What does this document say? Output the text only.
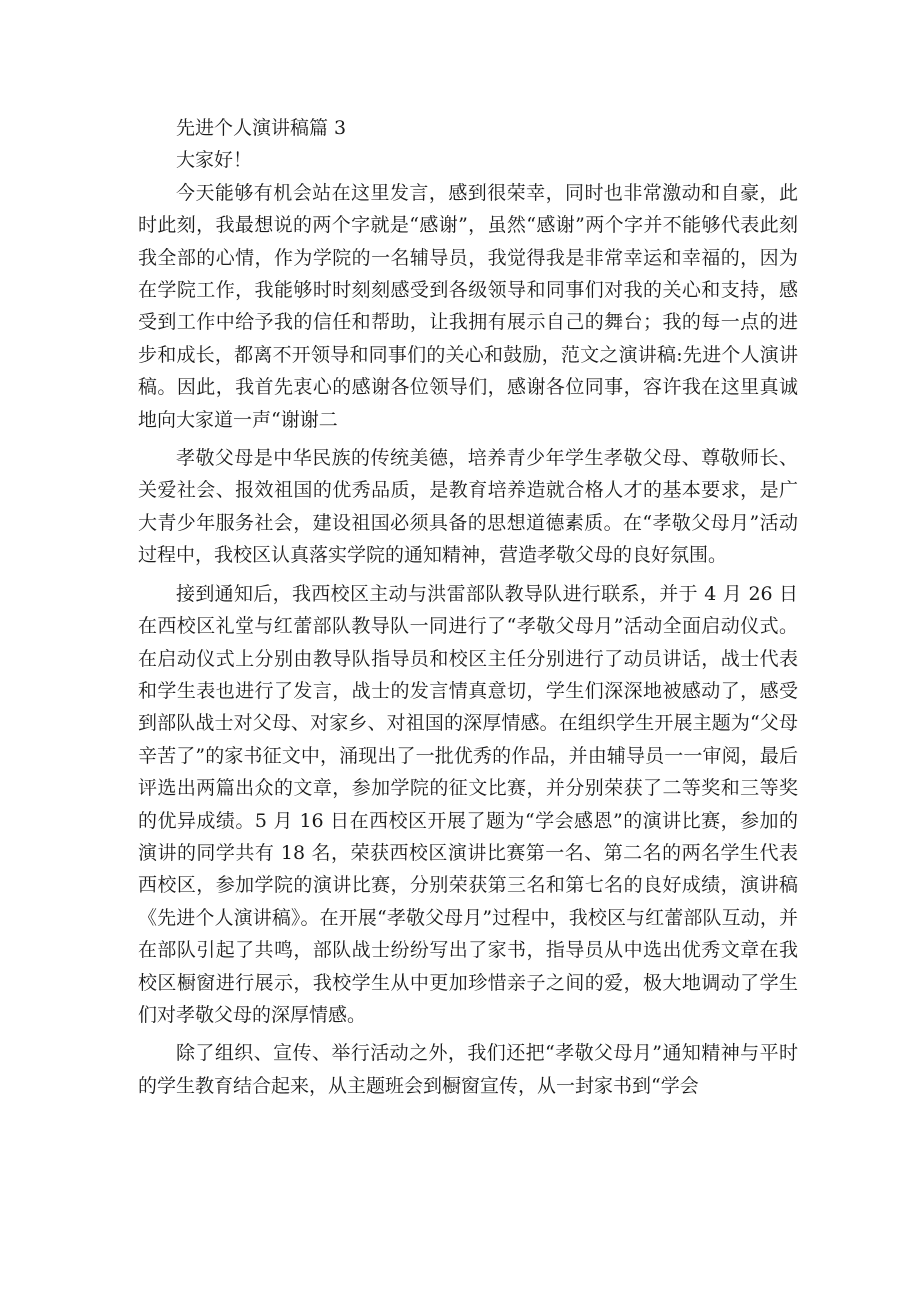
先进个人演讲稿篇 3

大家好！

今天能够有机会站在这里发言，感到很荣幸，同时也非常激动和自豪，此时此刻，我最想说的两个字就是“感谢”，虽然“感谢”两个字并不能够代表此刻我全部的心情，作为学院的一名辅导员，我觉得我是非常幸运和幸福的，因为在学院工作，我能够时时刻刻感受到各级领导和同事们对我的关心和支持，感受到工作中给予我的信任和帮助，让我拥有展示自己的舞台；我的每一点的进步和成长，都离不开领导和同事们的关心和鼓励，范文之演讲稿:先进个人演讲稿。因此，我首先衷心的感谢各位领导们，感谢各位同事，容许我在这里真诚地向大家道一声“谢谢二

孝敬父母是中华民族的传统美德，培养青少年学生孝敬父母、尊敬师长、关爱社会、报效祖国的优秀品质，是教育培养造就合格人才的基本要求，是广大青少年服务社会，建设祖国必须具备的思想道德素质。在“孝敬父母月”活动过程中，我校区认真落实学院的通知精神，营造孝敬父母的良好氛围。

接到通知后，我西校区主动与洪雷部队教导队进行联系，并于 4 月 26 日在西校区礼堂与红蕾部队教导队一同进行了“孝敬父母月”活动全面启动仪式。在启动仪式上分别由教导队指导员和校区主任分别进行了动员讲话，战士代表和学生表也进行了发言，战士的发言情真意切，学生们深深地被感动了，感受到部队战士对父母、对家乡、对祖国的深厚情感。在组织学生开展主题为“父母辛苦了”的家书征文中，涌现出了一批优秀的作品，并由辅导员一一审阅，最后评选出两篇出众的文章，参加学院的征文比赛，并分别荣获了二等奖和三等奖的优异成绩。5 月 16 日在西校区开展了题为“学会感恩”的演讲比赛，参加的演讲的同学共有 18 名，荣获西校区演讲比赛第一名、第二名的两名学生代表西校区，参加学院的演讲比赛，分别荣获第三名和第七名的良好成绩，演讲稿《先进个人演讲稿》。在开展“孝敬父母月”过程中，我校区与红蕾部队互动，并在部队引起了共鸣，部队战士纷纷写出了家书，指导员从中选出优秀文章在我校区橱窗进行展示，我校学生从中更加珍惜亲子之间的爱，极大地调动了学生们对孝敬父母的深厚情感。

除了组织、宣传、举行活动之外，我们还把“孝敬父母月”通知精神与平时的学生教育结合起来，从主题班会到橱窗宣传，从一封家书到“学会
